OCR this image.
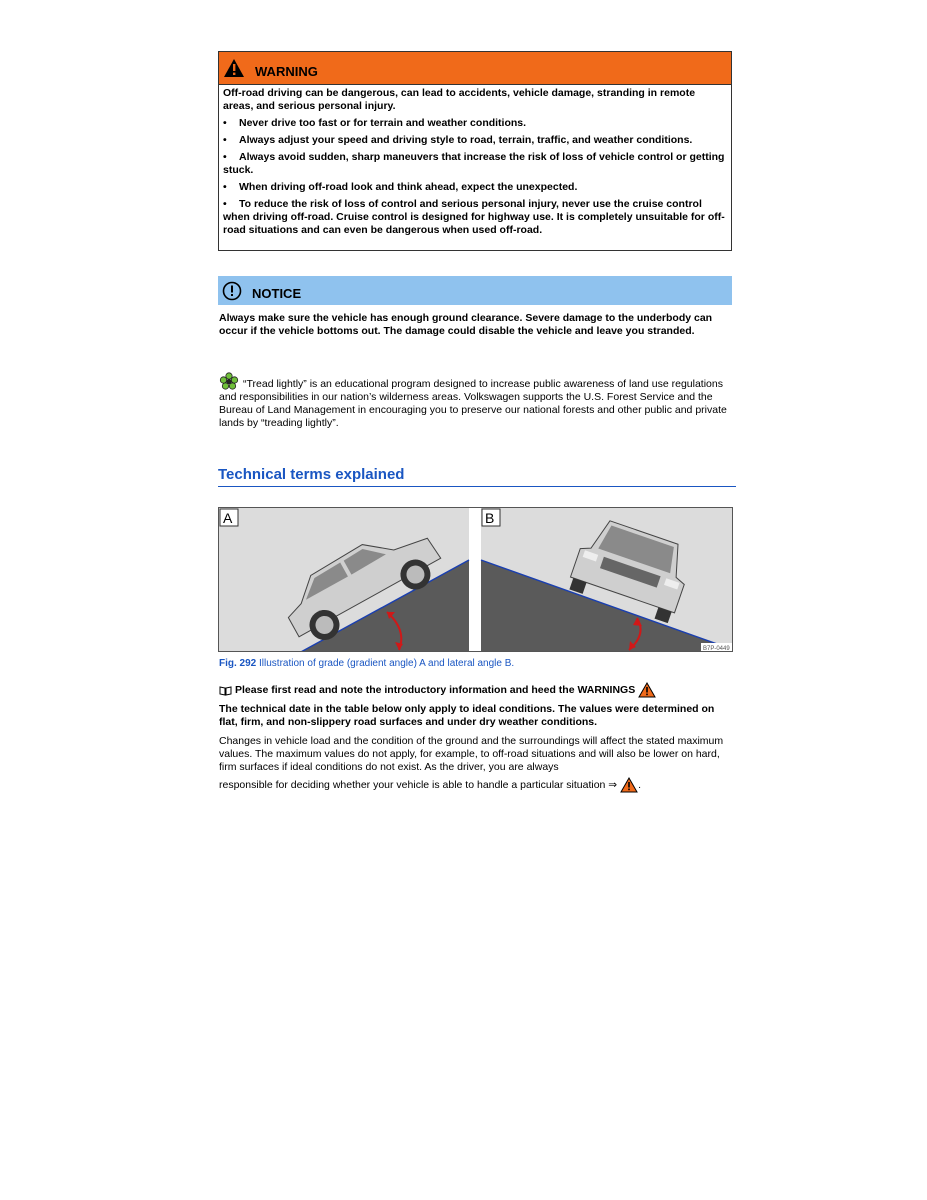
WARNING

Off-road driving can be dangerous, can lead to accidents, vehicle damage, stranding in remote areas, and serious personal injury.

• Never drive too fast or for terrain and weather conditions.

• Always adjust your speed and driving style to road, terrain, traffic, and weather conditions.

• Always avoid sudden, sharp maneuvers that increase the risk of loss of vehicle control or getting stuck.

• When driving off-road look and think ahead, expect the unexpected.

• To reduce the risk of loss of control and serious personal injury, never use the cruise control when driving off-road. Cruise control is designed for highway use. It is completely unsuitable for off-road situations and can even be dangerous when used off-road.

NOTICE
Always make sure the vehicle has enough ground clearance. Severe damage to the underbody can occur if the vehicle bottoms out. The damage could disable the vehicle and leave you stranded.
“Tread lightly” is an educational program designed to increase public awareness of land use regulations and responsibilities in our nation’s wilderness areas. Volkswagen supports the U.S. Forest Service and the Bureau of Land Management in encouraging you to preserve our national forests and other public and private lands by “treading lightly”.
Technical terms explained
A	B
B7P-0449
Fig. 292 Illustration of grade (gradient angle) A and lateral angle B.
Please first read and note the introductory information and heed the WARNINGS
The technical date in the table below only apply to ideal conditions. The values were determined on flat, firm, and non-slippery road surfaces and under dry weather conditions.
Changes in vehicle load and the condition of the ground and the surroundings will affect the stated maximum values. The maximum values do not apply, for example, to off-road situations and will also be lower on hard, firm surfaces if ideal conditions do not exist. As the driver, you are always
responsible for deciding whether your vehicle is able to handle a particular situation ⇒ .
